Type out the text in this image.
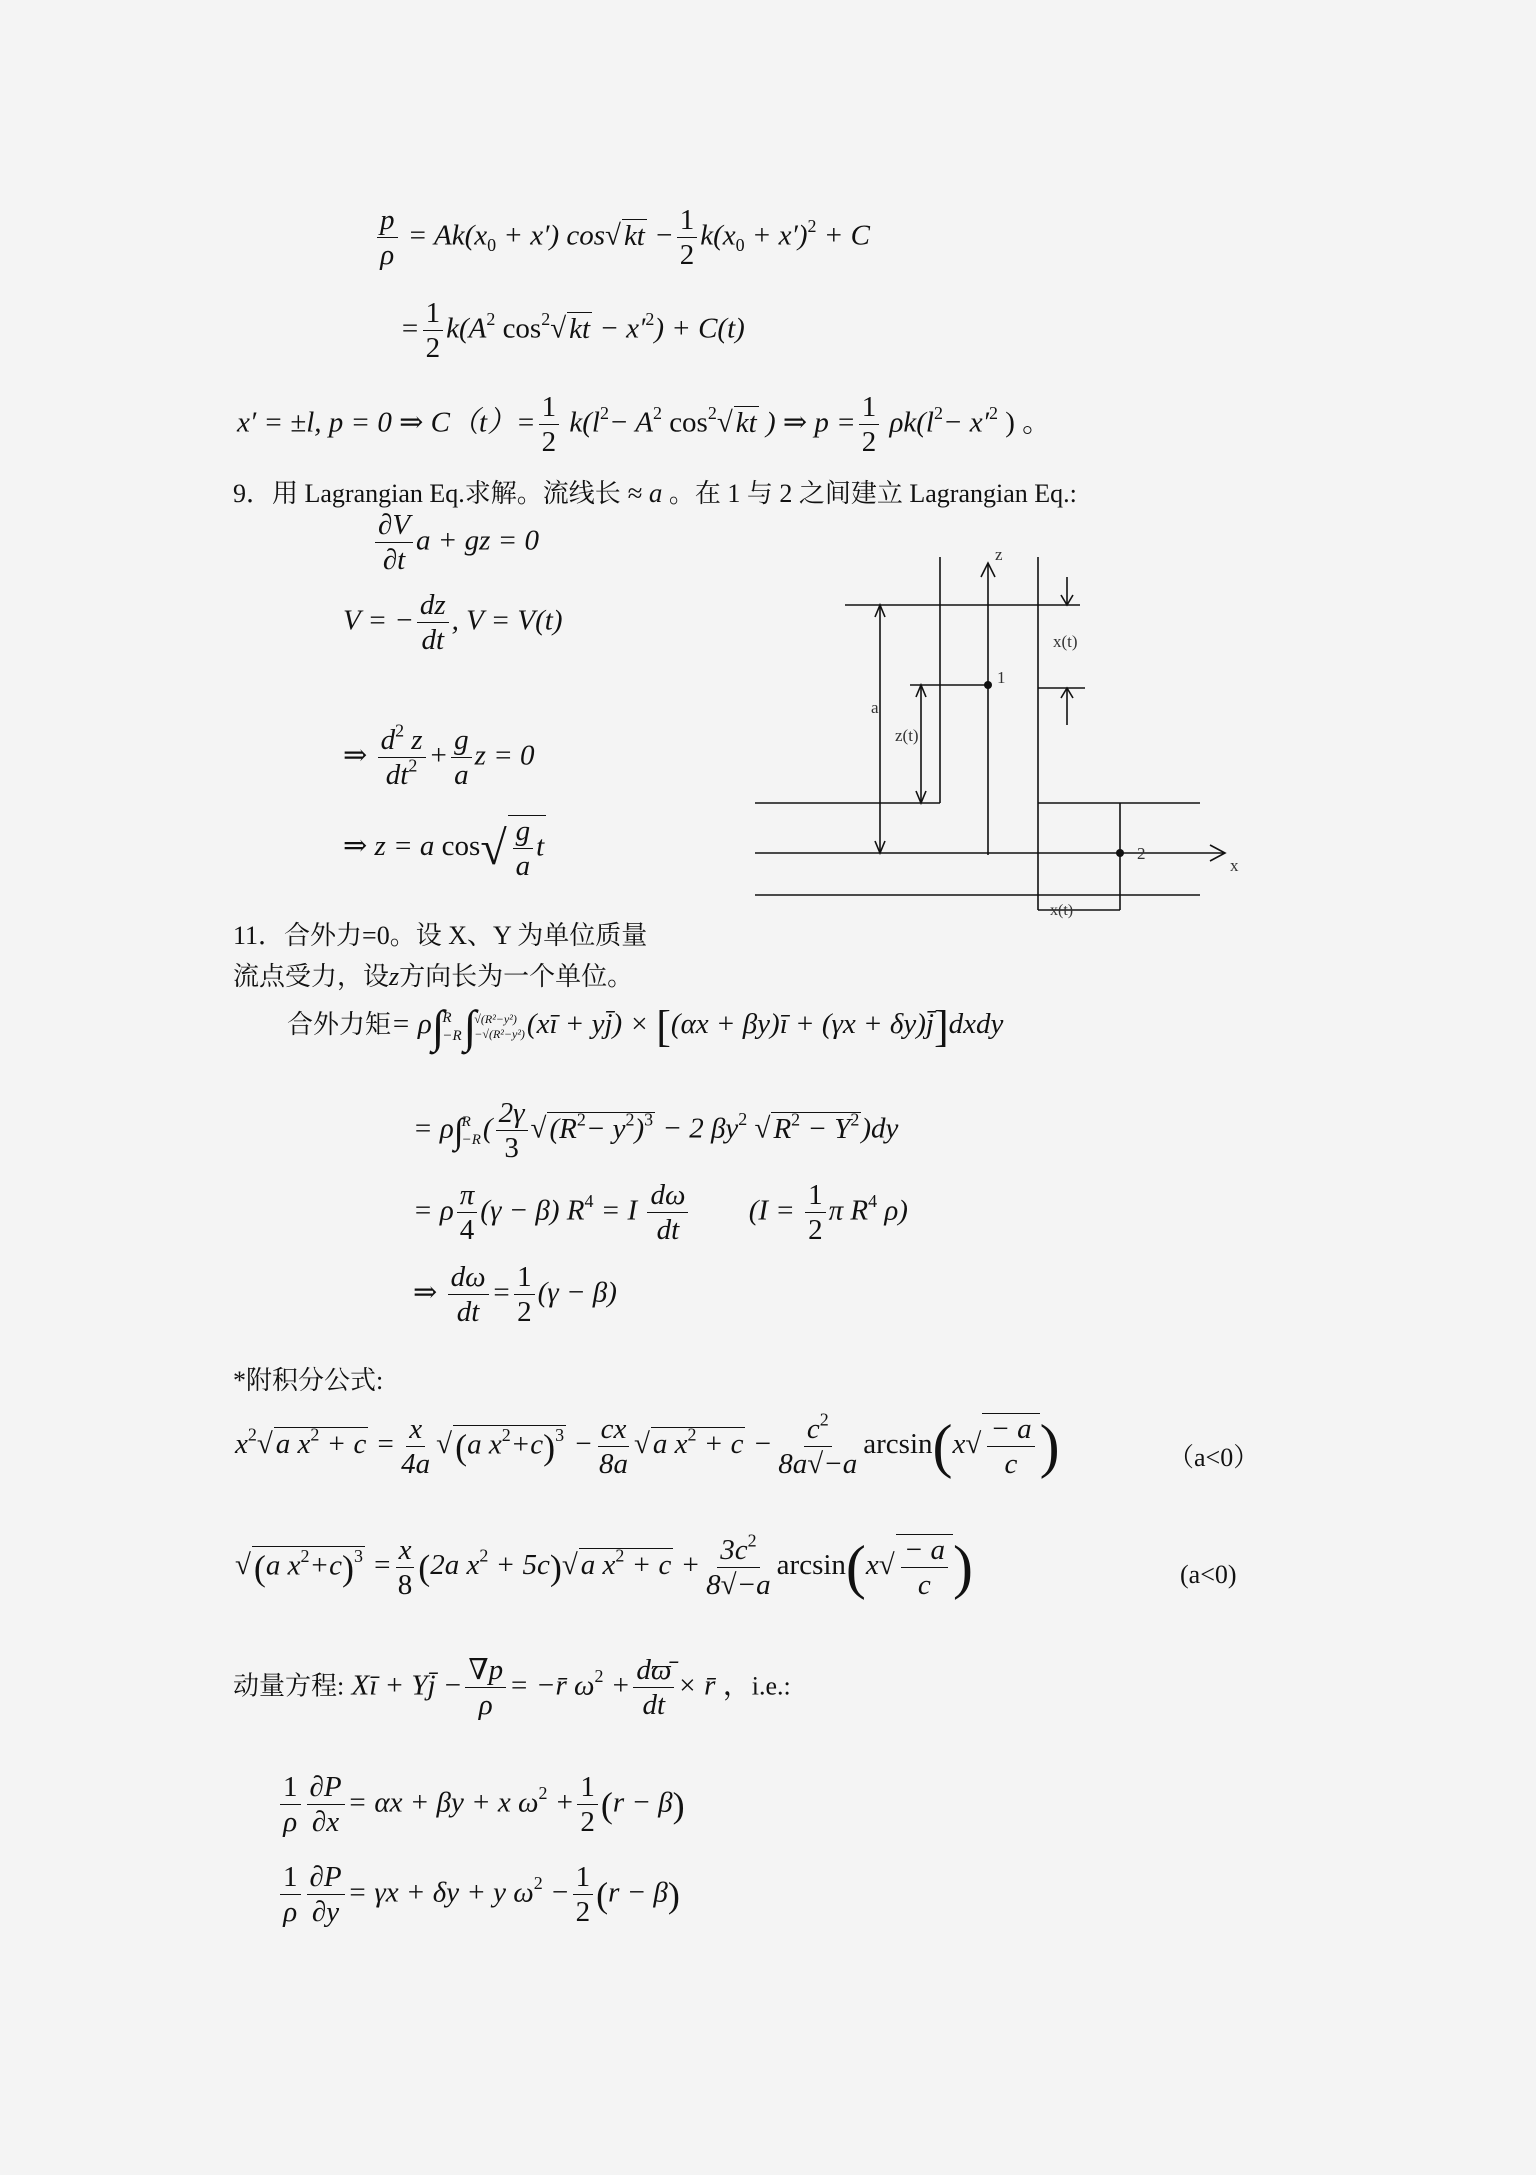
$\frac{p}{\rho} = Ak(x_0 + x')$ cos√ kt − $\frac{1}{2} k(x_0 + x')^2 + C$
= $\frac{1}{2} k(A^2$ $\cos^2√$ kt − $x'^2) + C(t)$
x′ = ±l, p = 0 ⇒ $C(t)= \frac{1}{2} k(l^2- A^2$ $\cos^2√$ kt ) ⇒ $p = \frac{1}{2} \rho k(l^2- x'^2$ ) 。
9．用 Lagrangian Eq.求解。流线长 ≈ a 。在 1 与 2 之间建立 Lagrangian Eq.:
$\frac{\partial V}{\partial t}$ a + gz = 0
V = − $\frac{dz}{dt}$ , V = V(t)
⇒ $\frac{d^2 z}{dt^2} + \frac{g}{a}$ z = 0
⇒ z = a $\cos√ \frac{g}{a}$ t
z
x
x(t)
x(t)
z(t)
a
1
2
11．合外力=0。设 X、Y 为单位质量
流点受力，设z方向长为一个单位。
合外力矩= ρ∫
R
−R ∫
√(R²−y²)
−√(R²−y²) (xī + yj̄) × [(αx + βy)ī + (γx + δy)j̄]dxdy
= ρ∫
R
−R ( $\frac{2\gamma}{3}$ √ $(R^2- y^2)^3 - 2$ $\beta y^2$ √ $R^2 - Y^2)dy$
= ρ $\frac{\pi}{4} (\gamma - \beta) R^4 = I \frac{d\omega}{dt} (I = \frac{1}{2}$ π $R^4$ ρ)
⇒ $\frac{d\omega}{dt} = \frac{1}{2} (\gamma - \beta)$
*附积分公式:
$x^2√$ a $x^2 + c = \frac{x}{4a} √(a$ $x^2+c)^3 - \frac{cx}{8a}$ √ a $x^2 + c - \frac{c^2}{8a√-a} \arcsin(x√ \frac{- a}{c}$ )	（a<0）
√(a $x^2+c)^3 = \frac{x}{8} (2a$ $x^2 + 5c)√$ a $x^2 + c + \frac{3c^2}{8√-a} \arcsin(x√ \frac{- a}{c}$ )	(a<0)
动量方程: Xī + Yj̄ − $\frac{\nabla p}{\rho}$ = −r̄ $\omega^2 + \frac{dϖ̄}{dt}$ × r̄ ，i.e.:
$\frac{1}{\rho} \frac{\partial P}{\partial x} = \alpha x + \beta y + x$ $\omega^2 + \frac{1}{2} (r - \beta)$
$\frac{1}{\rho} \frac{\partial P}{\partial y} = \gamma x + \delta y + y$ $\omega^2 - \frac{1}{2} (r - \beta)$
